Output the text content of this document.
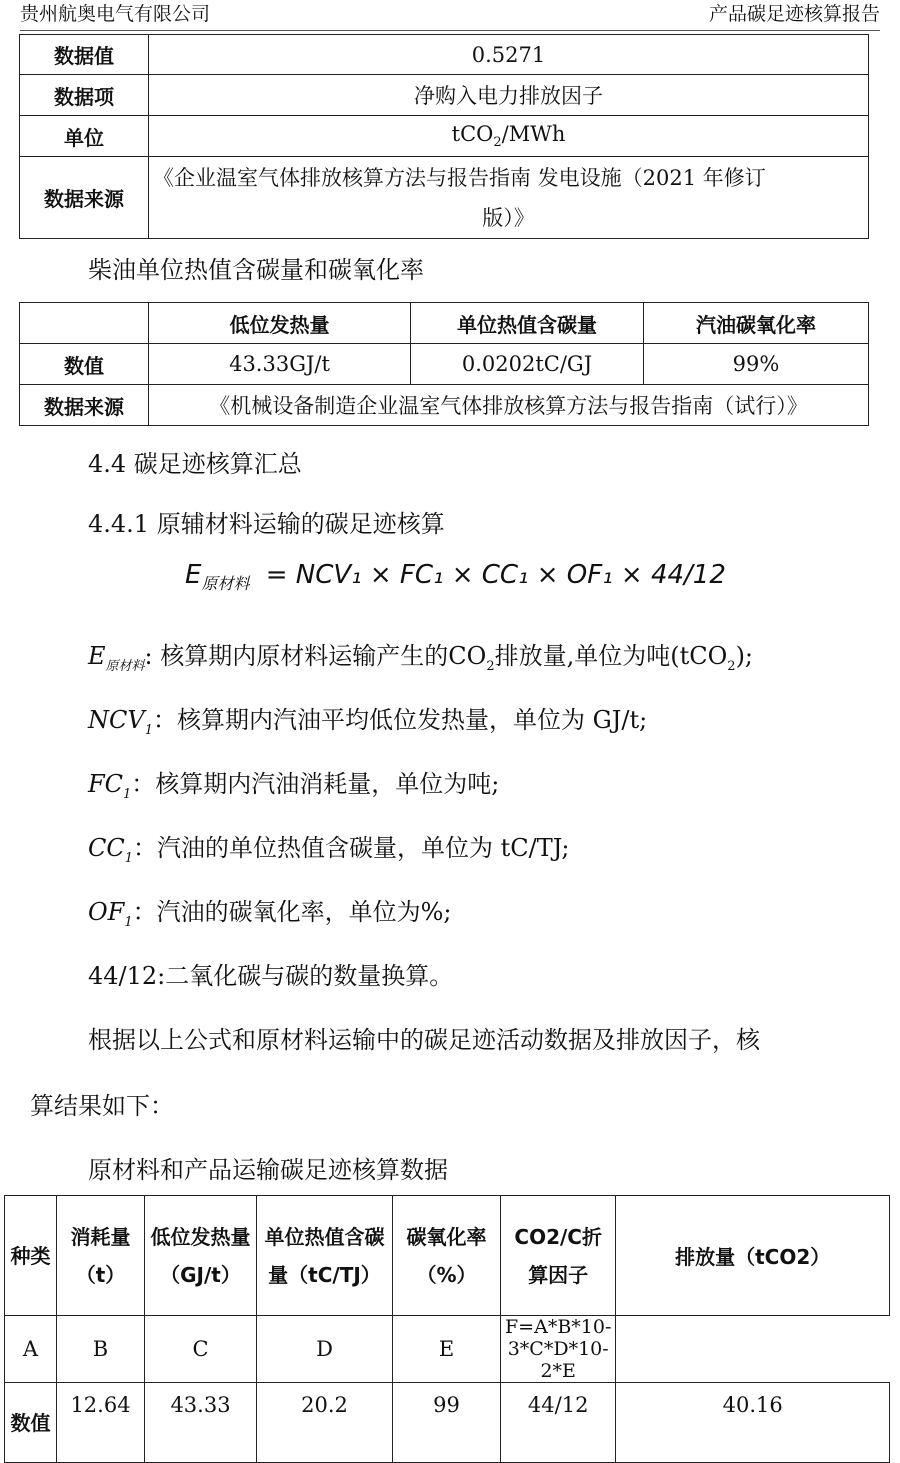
贵州航奥电气有限公司	产品碳足迹核算报告
数据值	0.5271
数据项	净购入电力排放因子
单位	tCO$_2$/MWh
数据来源	《企业温室气体排放核算方法与报告指南 发电设施（2021 年修订
版）》
柴油单位热值含碳量和碳氧化率
	低位发热量	单位热值含碳量	汽油碳氧化率
数值	43.33GJ/t	0.0202tC/GJ	99%
数据来源	《机械设备制造企业温室气体排放核算方法与报告指南（试行）》		
4.4 碳足迹核算汇总
4.4.1 原辅材料运输的碳足迹核算
$E_{原材料} = NCV_1 \times FC_1 \times CC_1 \times OF_1 \times 44/12$
$E_{原材料}$: 核算期内原材料运输产生的$CO_2$排放量,单位为吨(tCO$_2$);
$NCV_1$：核算期内汽油平均低位发热量，单位为 GJ/t;
$FC_1$：核算期内汽油消耗量，单位为吨;
$CC_1$：汽油的单位热值含碳量，单位为 tC/TJ;
$OF_1$：汽油的碳氧化率，单位为%;
44/12:二氧化碳与碳的数量换算。
根据以上公式和原材料运输中的碳足迹活动数据及排放因子，核
算结果如下：
原材料和产品运输碳足迹核算数据
种类	消耗量（t）	低位发热量（GJ/t）	单位热值含碳量（tC/TJ）	碳氧化率（%）	CO2/C折算因子	排放量（tCO2）
A	B	C	D	E	F=A*B*10-3*C*D*10-2*E	
数值	12.64	43.33	20.2	99	44/12	40.16
